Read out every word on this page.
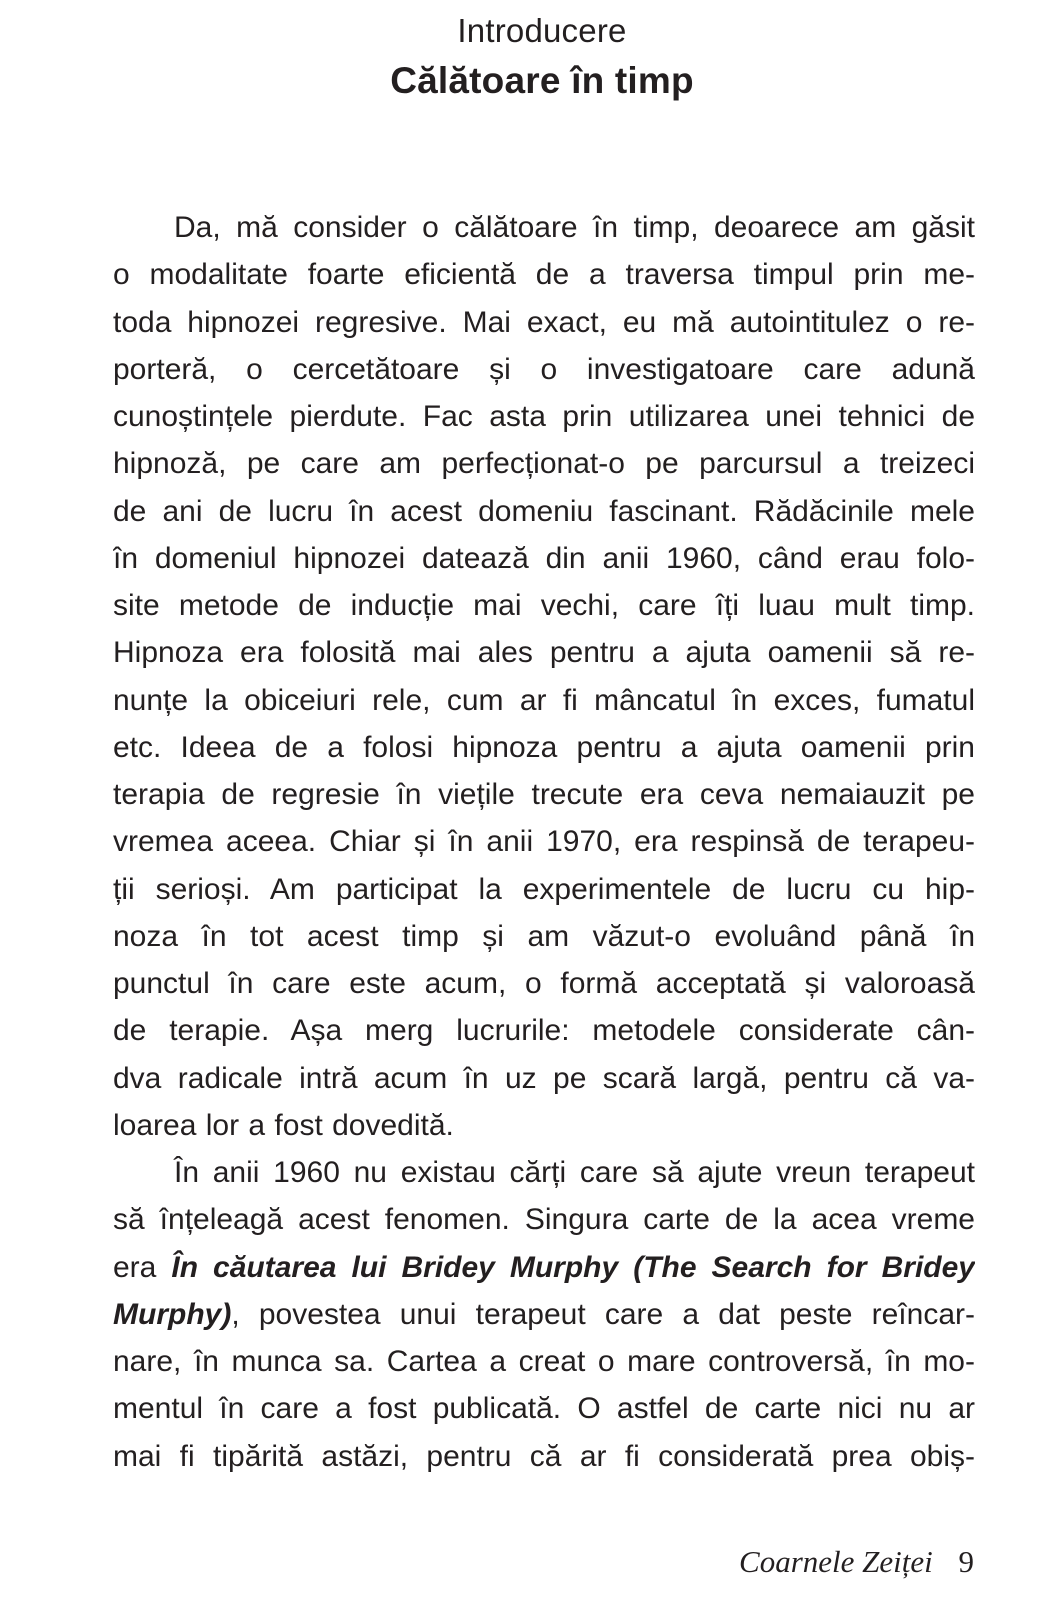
Introducere
Călătoare în timp
Da, mă consider o călătoare în timp, deoarece am găsit
o modalitate foarte eficientă de a traversa timpul prin me-
toda hipnozei regresive. Mai exact, eu mă autointitulez o re-
porteră, o cercetătoare și o investigatoare care adună
cunoștințele pierdute. Fac asta prin utilizarea unei tehnici de
hipnoză, pe care am perfecționat-o pe parcursul a treizeci
de ani de lucru în acest domeniu fascinant. Rădăcinile mele
în domeniul hipnozei datează din anii 1960, când erau folo-
site metode de inducție mai vechi, care îți luau mult timp.
Hipnoza era folosită mai ales pentru a ajuta oamenii să re-
nunțe la obiceiuri rele, cum ar fi mâncatul în exces, fumatul
etc. Ideea de a folosi hipnoza pentru a ajuta oamenii prin
terapia de regresie în viețile trecute era ceva nemaiauzit pe
vremea aceea. Chiar și în anii 1970, era respinsă de terapeu-
ții serioși. Am participat la experimentele de lucru cu hip-
noza în tot acest timp și am văzut-o evoluând până în
punctul în care este acum, o formă acceptată și valoroasă
de terapie. Așa merg lucrurile: metodele considerate cân-
dva radicale intră acum în uz pe scară largă, pentru că va-
loarea lor a fost dovedită.
În anii 1960 nu existau cărți care să ajute vreun terapeut
să înțeleagă acest fenomen. Singura carte de la acea vreme
era În căutarea lui Bridey Murphy (The Search for Bridey
Murphy), povestea unui terapeut care a dat peste reîncar-
nare, în munca sa. Cartea a creat o mare controversă, în mo-
mentul în care a fost publicată. O astfel de carte nici nu ar
mai fi tipărită astăzi, pentru că ar fi considerată prea obiș-
Coarnele Zeiței 9
